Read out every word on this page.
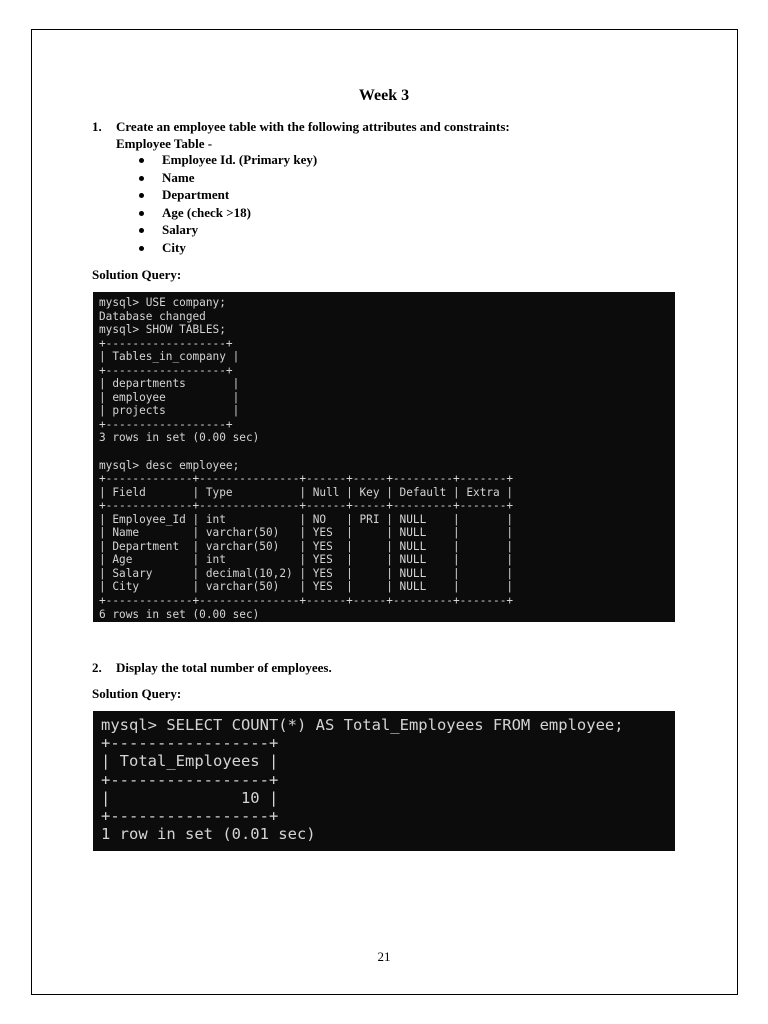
Week 3
1. Create an employee table with the following attributes and constraints:
Employee Table -
Employee Id. (Primary key)
Name
Department
Age (check >18)
Salary
City
Solution Query:
mysql> USE company;
Database changed
mysql> SHOW TABLES;
+------------------+
| Tables_in_company |
+------------------+
| departments       |
| employee          |
| projects          |
+------------------+
3 rows in set (0.00 sec)
mysql> desc employee;
+-------------+---------------+------+-----+---------+-------+
| Field       | Type          | Null | Key | Default | Extra |
+-------------+---------------+------+-----+---------+-------+
| Employee_Id | int           | NO   | PRI | NULL    |       |
| Name        | varchar(50)   | YES  |     | NULL    |       |
| Department  | varchar(50)   | YES  |     | NULL    |       |
| Age         | int           | YES  |     | NULL    |       |
| Salary      | decimal(10,2) | YES  |     | NULL    |       |
| City        | varchar(50)   | YES  |     | NULL    |       |
+-------------+---------------+------+-----+---------+-------+
6 rows in set (0.00 sec)
2. Display the total number of employees.
Solution Query:
mysql> SELECT COUNT(*) AS Total_Employees FROM employee;
+-----------------+
| Total_Employees |
+-----------------+
|              10 |
+-----------------+
1 row in set (0.01 sec)
21
